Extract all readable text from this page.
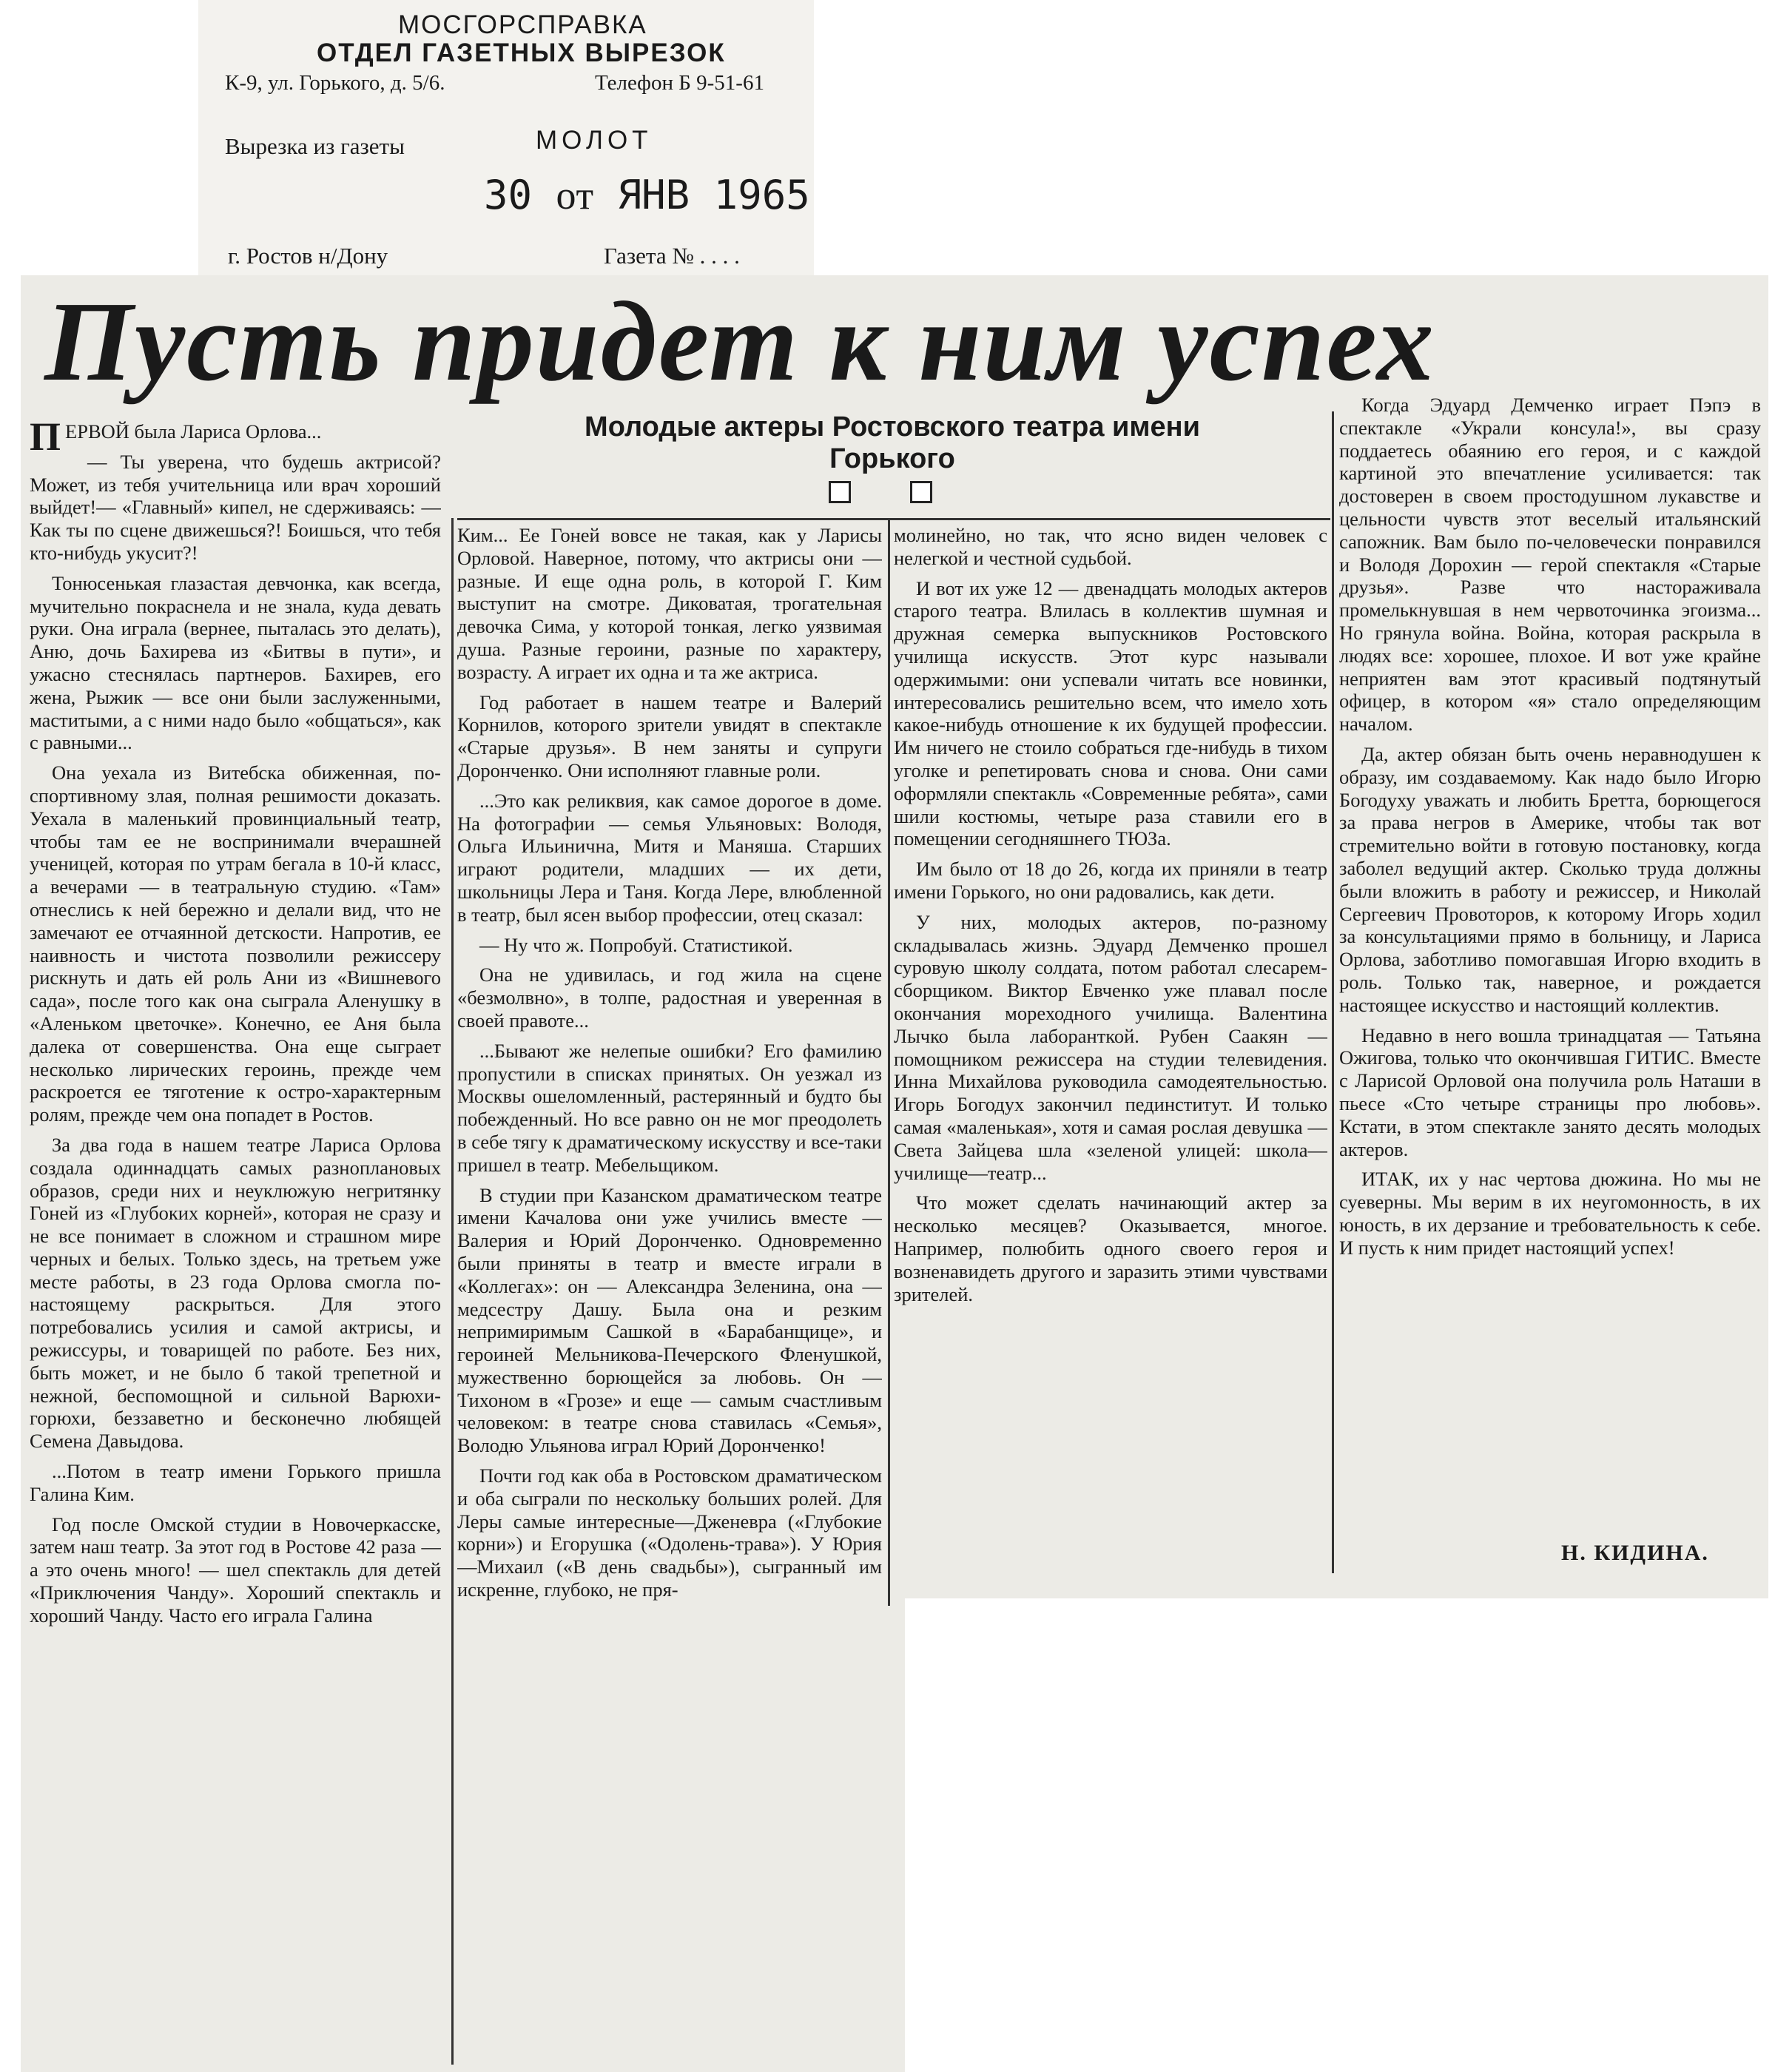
МОСГОРСПРАВКА
ОТДЕЛ ГАЗЕТНЫХ ВЫРЕЗОК
К-9, ул. Горького, д. 5/6.	Телефон Б 9-51-61
Вырезка из газеты	МОЛОТ
30 ᴏᴛ ЯНВ 1965
г. Ростов н/Дону	Газета № . . . .
Пусть придет к ним успех
Молодые актеры Ростовского театра имени Горького

ПЕРВОЙ была Лариса Орлова...

— Ты уверена, что будешь актрисой? Может, из тебя учительница или врач хороший выйдет!— «Главный» кипел, не сдерживаясь: — Как ты по сцене движешься?! Боишься, что тебя кто-нибудь укусит?!

Тонюсенькая глазастая девчонка, как всегда, мучительно покраснела и не знала, куда девать руки. Она играла (вернее, пыталась это делать), Аню, дочь Бахирева из «Битвы в пути», и ужасно стеснялась партнеров. Бахирев, его жена, Рыжик — все они были заслуженными, маститыми, а с ними надо было «общаться», как с равными...

Она уехала из Витебска обиженная, по-спортивному злая, полная решимости доказать. Уехала в маленький провинциальный театр, чтобы там ее не воспринимали вчерашней ученицей, которая по утрам бегала в 10-й класс, а вечерами — в театральную студию. «Там» отнеслись к ней бережно и делали вид, что не замечают ее отчаянной детскости. Напротив, ее наивность и чистота позволили режиссеру рискнуть и дать ей роль Ани из «Вишневого сада», после того как она сыграла Аленушку в «Аленьком цветочке». Конечно, ее Аня была далека от совершенства. Она еще сыграет несколько лирических героинь, прежде чем раскроется ее тяготение к остро-характерным ролям, прежде чем она попадет в Ростов.

За два года в нашем театре Лариса Орлова создала одиннадцать самых разноплановых образов, среди них и неуклюжую негритянку Гоней из «Глубоких корней», которая не сразу и не все понимает в сложном и страшном мире черных и белых. Только здесь, на третьем уже месте работы, в 23 года Орлова смогла по-настоящему раскрыться. Для этого потребовались усилия и самой актрисы, и режиссуры, и товарищей по работе. Без них, быть может, и не было б такой трепетной и нежной, беспомощной и сильной Варюхи-горюхи, беззаветно и бесконечно любящей Семена Давыдова.

...Потом в театр имени Горького пришла Галина Ким.

Год после Омской студии в Новочеркасске, затем наш театр. За этот год в Ростове 42 раза — а это очень много! — шел спектакль для детей «Приключения Чанду». Хороший спектакль и хороший Чанду. Часто его играла Галина

Ким... Ее Гоней вовсе не такая, как у Ларисы Орловой. Наверное, потому, что актрисы они — разные. И еще одна роль, в которой Г. Ким выступит на смотре. Диковатая, трогательная девочка Сима, у которой тонкая, легко уязвимая душа. Разные героини, разные по характеру, возрасту. А играет их одна и та же актриса.

Год работает в нашем театре и Валерий Корнилов, которого зрители увидят в спектакле «Старые друзья». В нем заняты и супруги Доронченко. Они исполняют главные роли.

...Это как реликвия, как самое дорогое в доме. На фотографии — семья Ульяновых: Володя, Ольга Ильинична, Митя и Маняша. Старших играют родители, младших — их дети, школьницы Лера и Таня. Когда Лере, влюбленной в театр, был ясен выбор профессии, отец сказал:

— Ну что ж. Попробуй. Статистикой.

Она не удивилась, и год жила на сцене «безмолвно», в толпе, радостная и уверенная в своей правоте...

...Бывают же нелепые ошибки? Его фамилию пропустили в списках принятых. Он уезжал из Москвы ошеломленный, растерянный и будто бы побежденный. Но все равно он не мог преодолеть в себе тягу к драматическому искусству и все-таки пришел в театр. Мебельщиком.

В студии при Казанском драматическом театре имени Качалова они уже учились вместе — Валерия и Юрий Доронченко. Одновременно были приняты в театр и вместе играли в «Коллегах»: он — Александра Зеленина, она — медсестру Дашу. Была она и резким непримиримым Сашкой в «Барабанщице», и героиней Мельникова-Печерского Фленушкой, мужественно борющейся за любовь. Он — Тихоном в «Грозе» и еще — самым счастливым человеком: в театре снова ставилась «Семья», Володю Ульянова играл Юрий Доронченко!

Почти год как оба в Ростовском драматическом и оба сыграли по нескольку больших ролей. Для Леры самые интересные—Дженевра («Глубокие корни») и Егорушка («Одолень-трава»). У Юрия—Михаил («В день свадьбы»), сыгранный им искренне, глубоко, не пря-

молинейно, но так, что ясно виден человек с нелегкой и честной судьбой.

И вот их уже 12 — двенадцать молодых актеров старого театра. Влилась в коллектив шумная и дружная семерка выпускников Ростовского училища искусств. Этот курс называли одержимыми: они успевали читать все новинки, интересовались решительно всем, что имело хоть какое-нибудь отношение к их будущей профессии. Им ничего не стоило собраться где-нибудь в тихом уголке и репетировать снова и снова. Они сами оформляли спектакль «Современные ребята», сами шили костюмы, четыре раза ставили его в помещении сегодняшнего ТЮЗа.

Им было от 18 до 26, когда их приняли в театр имени Горького, но они радовались, как дети.

У них, молодых актеров, по-разному складывалась жизнь. Эдуард Демченко прошел суровую школу солдата, потом работал слесарем-сборщиком. Виктор Евченко уже плавал после окончания мореходного училища. Валентина Лычко была лаборанткой. Рубен Саакян — помощником режиссера на студии телевидения. Инна Михайлова руководила самодеятельностью. Игорь Богодух закончил пединститут. И только самая «маленькая», хотя и самая рослая девушка — Света Зайцева шла «зеленой улицей: школа—училище—театр...

Что может сделать начинающий актер за несколько месяцев? Оказывается, многое. Например, полюбить одного своего героя и возненавидеть другого и заразить этими чувствами зрителей.

Когда Эдуард Демченко играет Пэпэ в спектакле «Украли консула!», вы сразу поддаетесь обаянию его героя, и с каждой картиной это впечатление усиливается: так достоверен в своем простодушном лукавстве и цельности чувств этот веселый итальянский сапожник. Вам было по-человечески понравился и Володя Дорохин — герой спектакля «Старые друзья». Разве что настораживала промелькнувшая в нем червоточинка эгоизма... Но грянула война. Война, которая раскрыла в людях все: хорошее, плохое. И вот уже крайне неприятен вам этот красивый подтянутый офицер, в котором «я» стало определяющим началом.

Да, актер обязан быть очень неравнодушен к образу, им создаваемому. Как надо было Игорю Богодуху уважать и любить Бретта, борющегося за права негров в Америке, чтобы так вот стремительно войти в готовую постановку, когда заболел ведущий актер. Сколько труда должны были вложить в работу и режиссер, и Николай Сергеевич Провоторов, к которому Игорь ходил за консультациями прямо в больницу, и Лариса Орлова, заботливо помогавшая Игорю входить в роль. Только так, наверное, и рождается настоящее искусство и настоящий коллектив.

Недавно в него вошла тринадцатая — Татьяна Ожигова, только что окончившая ГИТИС. Вместе с Ларисой Орловой она получила роль Наташи в пьесе «Сто четыре страницы про любовь». Кстати, в этом спектакле занято десять молодых актеров.

ИТАК, их у нас чертова дюжина. Но мы не суеверны. Мы верим в их неугомонность, в их юность, в их дерзание и требовательность к себе. И пусть к ним придет настоящий успех!

Н. КИДИНА.
